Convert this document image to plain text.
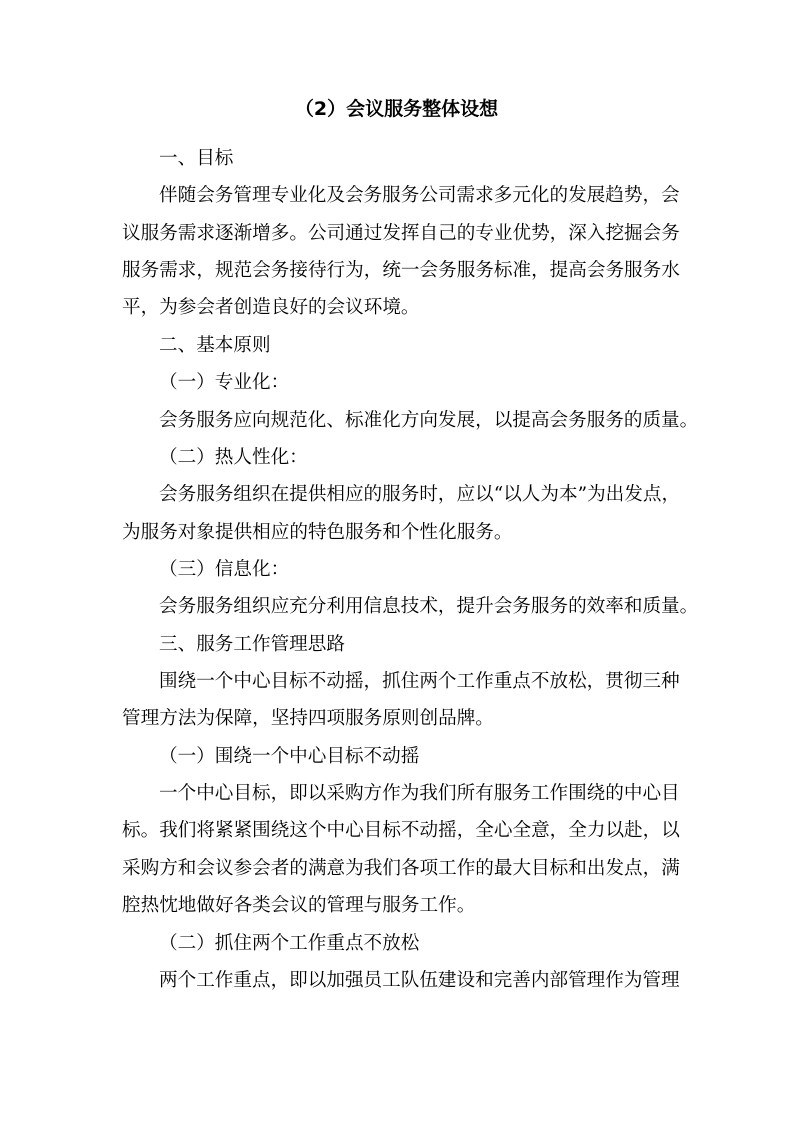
（2）会议服务整体设想
一、目标
伴随会务管理专业化及会务服务公司需求多元化的发展趋势，会
议服务需求逐渐增多。公司通过发挥自己的专业优势，深入挖掘会务
服务需求，规范会务接待行为，统一会务服务标准，提高会务服务水
平，为参会者创造良好的会议环境。
二、基本原则
（一）专业化：
会务服务应向规范化、标准化方向发展，以提高会务服务的质量。
（二）热人性化：
会务服务组织在提供相应的服务时，应以“以人为本”为出发点，
为服务对象提供相应的特色服务和个性化服务。
（三）信息化：
会务服务组织应充分利用信息技术，提升会务服务的效率和质量。
三、服务工作管理思路
围绕一个中心目标不动摇，抓住两个工作重点不放松，贯彻三种
管理方法为保障，坚持四项服务原则创品牌。
（一）围绕一个中心目标不动摇
一个中心目标，即以采购方作为我们所有服务工作围绕的中心目
标。我们将紧紧围绕这个中心目标不动摇，全心全意，全力以赴，以
采购方和会议参会者的满意为我们各项工作的最大目标和出发点，满
腔热忱地做好各类会议的管理与服务工作。
（二）抓住两个工作重点不放松
两个工作重点，即以加强员工队伍建设和完善内部管理作为管理
